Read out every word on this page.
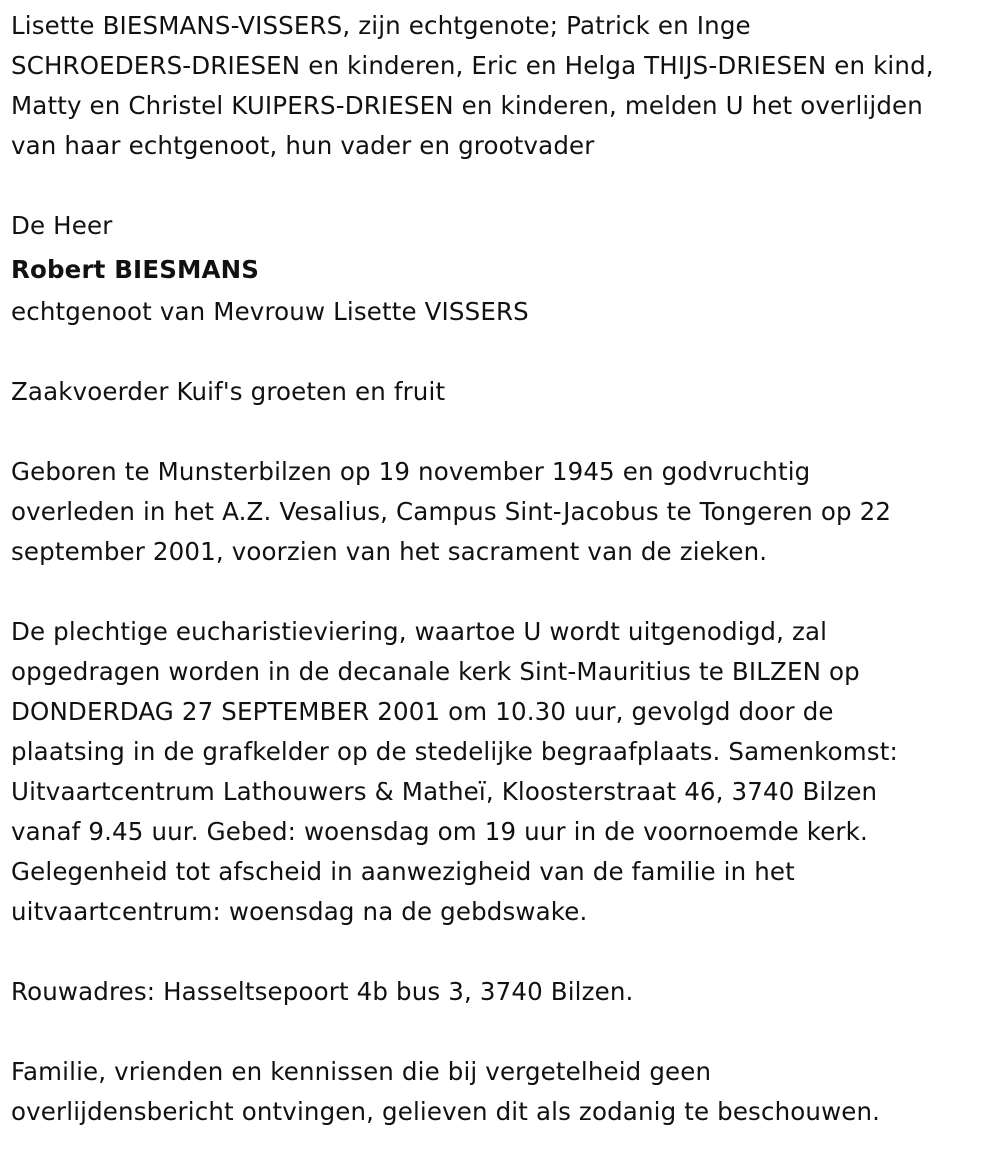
Lisette BIESMANS-VISSERS, zijn echtgenote; Patrick en Inge
SCHROEDERS-DRIESEN en kinderen, Eric en Helga THIJS-DRIESEN en kind,
Matty en Christel KUIPERS-DRIESEN en kinderen, melden U het overlijden
van haar echtgenoot, hun vader en grootvader
De Heer
Robert BIESMANS
echtgenoot van Mevrouw Lisette VISSERS
Zaakvoerder Kuif's groeten en fruit
Geboren te Munsterbilzen op 19 november 1945 en godvruchtig
overleden in het A.Z. Vesalius, Campus Sint-Jacobus te Tongeren op 22
september 2001, voorzien van het sacrament van de zieken.
De plechtige eucharistieviering, waartoe U wordt uitgenodigd, zal
opgedragen worden in de decanale kerk Sint-Mauritius te BILZEN op
DONDERDAG 27 SEPTEMBER 2001 om 10.30 uur, gevolgd door de
plaatsing in de grafkelder op de stedelijke begraafplaats. Samenkomst:
Uitvaartcentrum Lathouwers & Matheï, Kloosterstraat 46, 3740 Bilzen
vanaf 9.45 uur. Gebed: woensdag om 19 uur in de voornoemde kerk.
Gelegenheid tot afscheid in aanwezigheid van de familie in het
uitvaartcentrum: woensdag na de gebdswake.
Rouwadres: Hasseltsepoort 4b bus 3, 3740 Bilzen.
Familie, vrienden en kennissen die bij vergetelheid geen
overlijdensbericht ontvingen, gelieven dit als zodanig te beschouwen.
